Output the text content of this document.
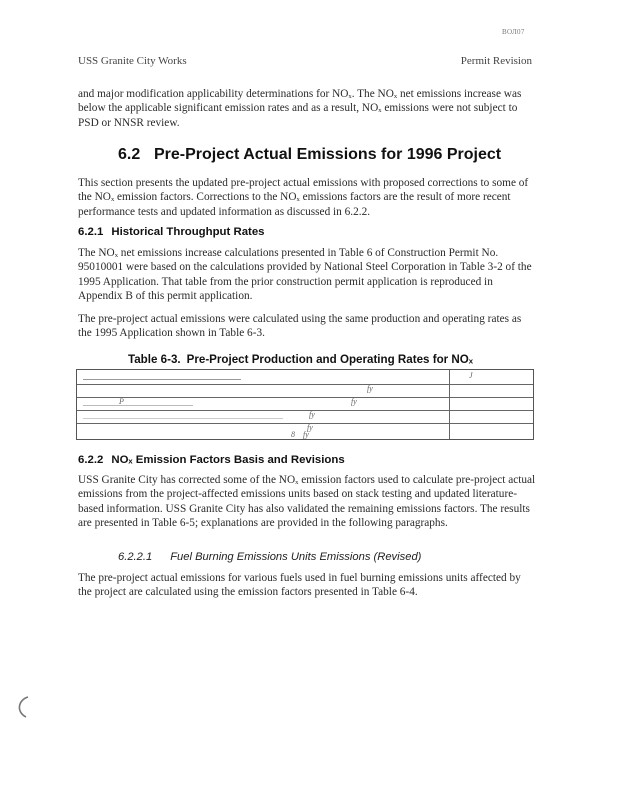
ВОЛ07
USS Granite City Works	Permit Revision
and major modification applicability determinations for NOₓ. The NOₓ net emissions increase was below the applicable significant emission rates and as a result, NOₓ emissions were not subject to PSD or NNSR review.
6.2 Pre-Project Actual Emissions for 1996 Project
This section presents the updated pre-project actual emissions with proposed corrections to some of the NOₓ emission factors. Corrections to the NOₓ emissions factors are the result of more recent performance tests and updated information as discussed in 6.2.2.
6.2.1 Historical Throughput Rates
The NOₓ net emissions increase calculations presented in Table 6 of Construction Permit No. 95010001 were based on the calculations provided by National Steel Corporation in Table 3-2 of the 1995 Application. That table from the prior construction permit application is reproduced in Appendix B of this permit application.
The pre-project actual emissions were calculated using the same production and operating rates as the 1995 Application shown in Table 6-3.
Table 6-3. Pre-Project Production and Operating Rates for NOₓ
J
fy
fy
P
fy
fy
fy
8
6.2.2 NOₓ Emission Factors Basis and Revisions
USS Granite City has corrected some of the NOₓ emission factors used to calculate pre-project actual emissions from the project-affected emissions units based on stack testing and updated literature-based information. USS Granite City has also validated the remaining emissions factors. The results are presented in Table 6-5; explanations are provided in the following paragraphs.
6.2.2.1 Fuel Burning Emissions Units Emissions (Revised)
The pre-project actual emissions for various fuels used in fuel burning emissions units affected by the project are calculated using the emission factors presented in Table 6-4.
